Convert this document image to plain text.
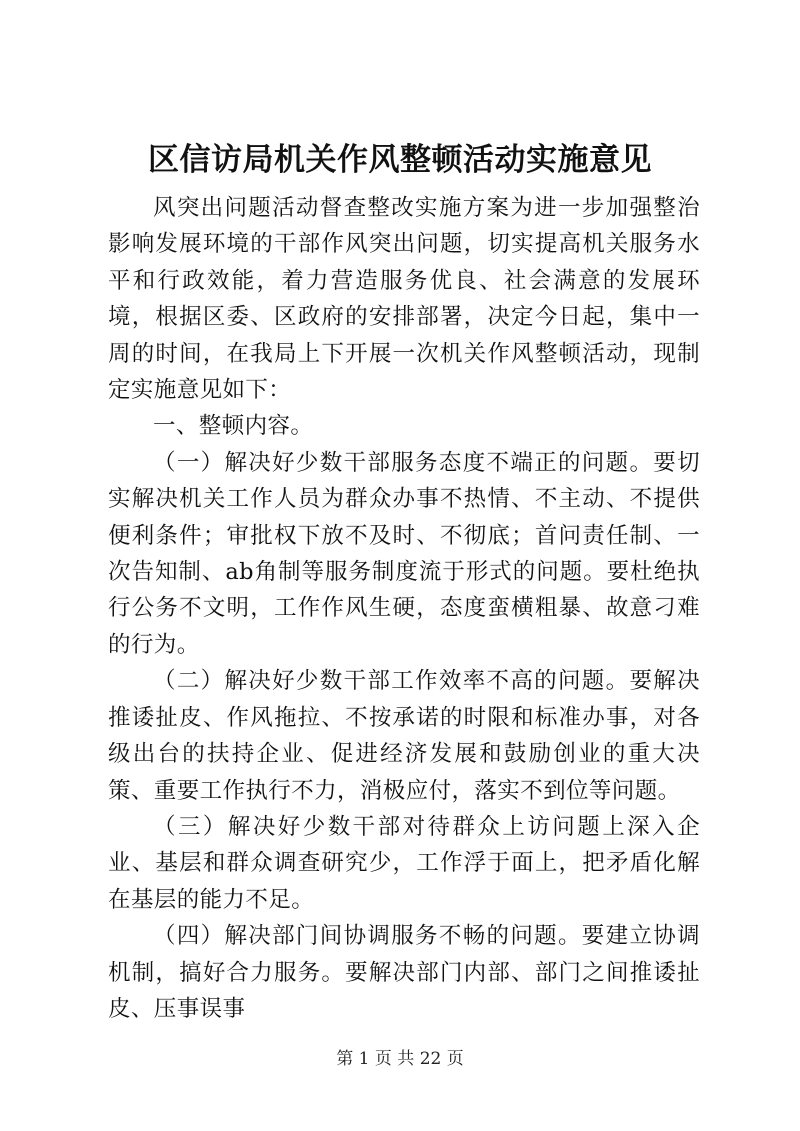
区信访局机关作风整顿活动实施意见

风突出问题活动督查整改实施方案为进一步加强整治影响发展环境的干部作风突出问题，切实提高机关服务水平和行政效能，着力营造服务优良、社会满意的发展环境，根据区委、区政府的安排部署，决定今日起，集中一周的时间，在我局上下开展一次机关作风整顿活动，现制定实施意见如下：

一、整顿内容。

（一）解决好少数干部服务态度不端正的问题。要切实解决机关工作人员为群众办事不热情、不主动、不提供便利条件；审批权下放不及时、不彻底；首问责任制、一次告知制、ab角制等服务制度流于形式的问题。要杜绝执行公务不文明，工作作风生硬，态度蛮横粗暴、故意刁难的行为。

（二）解决好少数干部工作效率不高的问题。要解决推诿扯皮、作风拖拉、不按承诺的时限和标准办事，对各级出台的扶持企业、促进经济发展和鼓励创业的重大决策、重要工作执行不力，消极应付，落实不到位等问题。

（三）解决好少数干部对待群众上访问题上深入企业、基层和群众调查研究少，工作浮于面上，把矛盾化解在基层的能力不足。

（四）解决部门间协调服务不畅的问题。要建立协调机制，搞好合力服务。要解决部门内部、部门之间推诿扯皮、压事误事

第 1 页 共 22 页
